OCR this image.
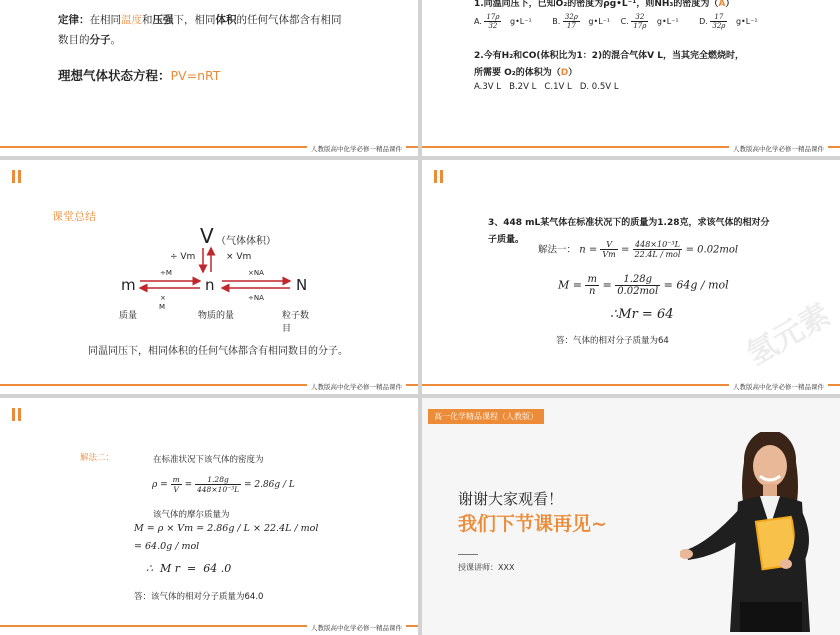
定律：在相同温度和压强下，相同体积的任何气体都含有相同
数目的分子。
理想气体状态方程：PV=nRT
人教版高中化学必修一精品课件
1.同温同压下，已知O₂的密度为ρg•L⁻¹，则NH₃的密度为（A）
A. $\frac{17\rho}{32}$ g•L⁻¹	B. $\frac{32\rho}{17}$ g•L⁻¹ C. $\frac{32}{17\rho}$ g•L⁻¹	D. $\frac{17}{32\rho}$ g•L⁻¹
2.今有H₂和CO(体积比为1：2)的混合气体V L，当其完全燃烧时，
所需要 O₂的体积为（D）
A.3V L   B.2V L   C.1V L   D. 0.5V L
人教版高中化学必修一精品课件
课堂总结
V （气体体积）
÷ Vm	× Vm
m	n	N
÷M
×
M
×NA
÷NA
质量	物质的量	粒子数
目
同温同压下，相同体积的任何气体都含有相同数目的分子。
人教版高中化学必修一精品课件
氢元素
3、448 mL某气体在标准状况下的质量为1.28克，求该气体的相对分
子质量。
解法一： $n = \frac{V}{Vm} = \frac{\text{448×10⁻³L}}{\text{22.4L / mol}} = 0.02mol$
$M = \frac{m}{n} = \frac{1.28g}{\text{0.02mol}} = 64g$ / mol
∴Mr = 64
答：气体的相对分子质量为64
人教版高中化学必修一精品课件
解法二：	在标准状况下该气体的密度为
$\rho = \frac{m}{V} = \frac{1.28g}{\text{448×10⁻³L}} = 2.86g / L$
该气体的摩尔质量为
M = ρ × Vm = 2.86g / L × 22.4L / mol
= 64.0g / mol
∴  M r  =  64 .0
答：该气体的相对分子质量为64.0
人教版高中化学必修一精品课件
高一化学精品课程（人教版）
谢谢大家观看！
我们下节课再见~
授课讲师：XXX
